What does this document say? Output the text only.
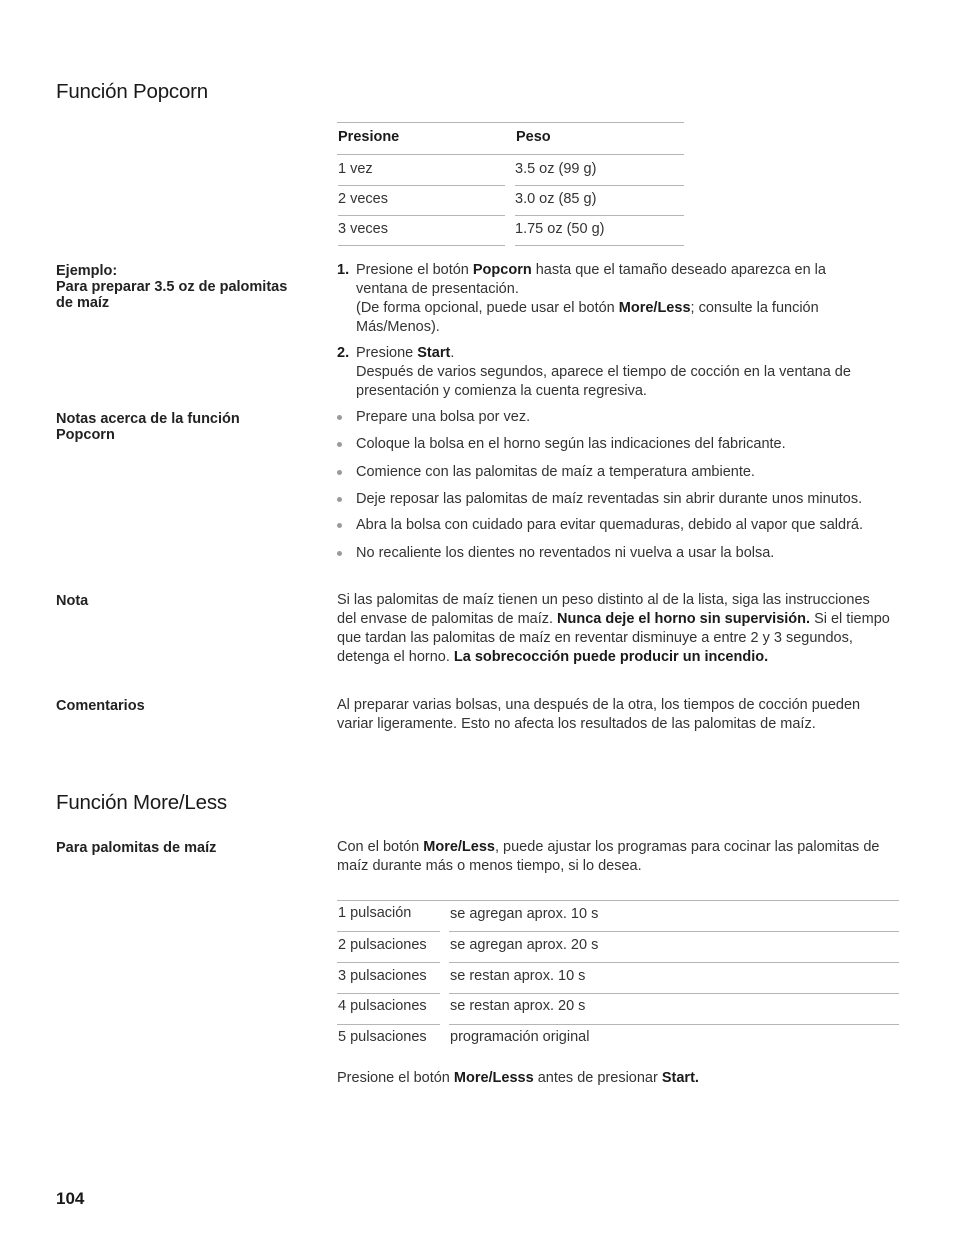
Función Popcorn
Presione	Peso
1 vez	3.5 oz (99 g)
2 veces	3.0 oz (85 g)
3 veces	1.75 oz (50 g)
Ejemplo:
Para preparar 3.5 oz de palomitas
de maíz
1. Presione el botón Popcorn hasta que el tamaño deseado aparezca en la ventana de presentación.
(De forma opcional, puede usar el botón More/Less; consulte la función Más/Menos).
2. Presione Start.
Después de varios segundos, aparece el tiempo de cocción en la ventana de presentación y comienza la cuenta regresiva.
Notas acerca de la función
Popcorn
Prepare una bolsa por vez.
Coloque la bolsa en el horno según las indicaciones del fabricante.
Comience con las palomitas de maíz a temperatura ambiente.
Deje reposar las palomitas de maíz reventadas sin abrir durante unos minutos.
Abra la bolsa con cuidado para evitar quemaduras, debido al vapor que saldrá.
No recaliente los dientes no reventados ni vuelva a usar la bolsa.
Nota	Si las palomitas de maíz tienen un peso distinto al de la lista, siga las instrucciones del envase de palomitas de maíz. Nunca deje el horno sin supervisión. Si el tiempo que tardan las palomitas de maíz en reventar disminuye a entre 2 y 3 segundos, detenga el horno. La sobrecocción puede producir un incendio.
Comentarios	Al preparar varias bolsas, una después de la otra, los tiempos de cocción pueden variar ligeramente. Esto no afecta los resultados de las palomitas de maíz.
Función More/Less
Para palomitas de maíz	Con el botón More/Less, puede ajustar los programas para cocinar las palomitas de maíz durante más o menos tiempo, si lo desea.
1 pulsación	se agregan aprox. 10 s
2 pulsaciones se agregan aprox. 20 s
3 pulsaciones se restan aprox. 10 s
4 pulsaciones se restan aprox. 20 s
5 pulsaciones programación original
Presione el botón More/Lesss antes de presionar Start.
104
